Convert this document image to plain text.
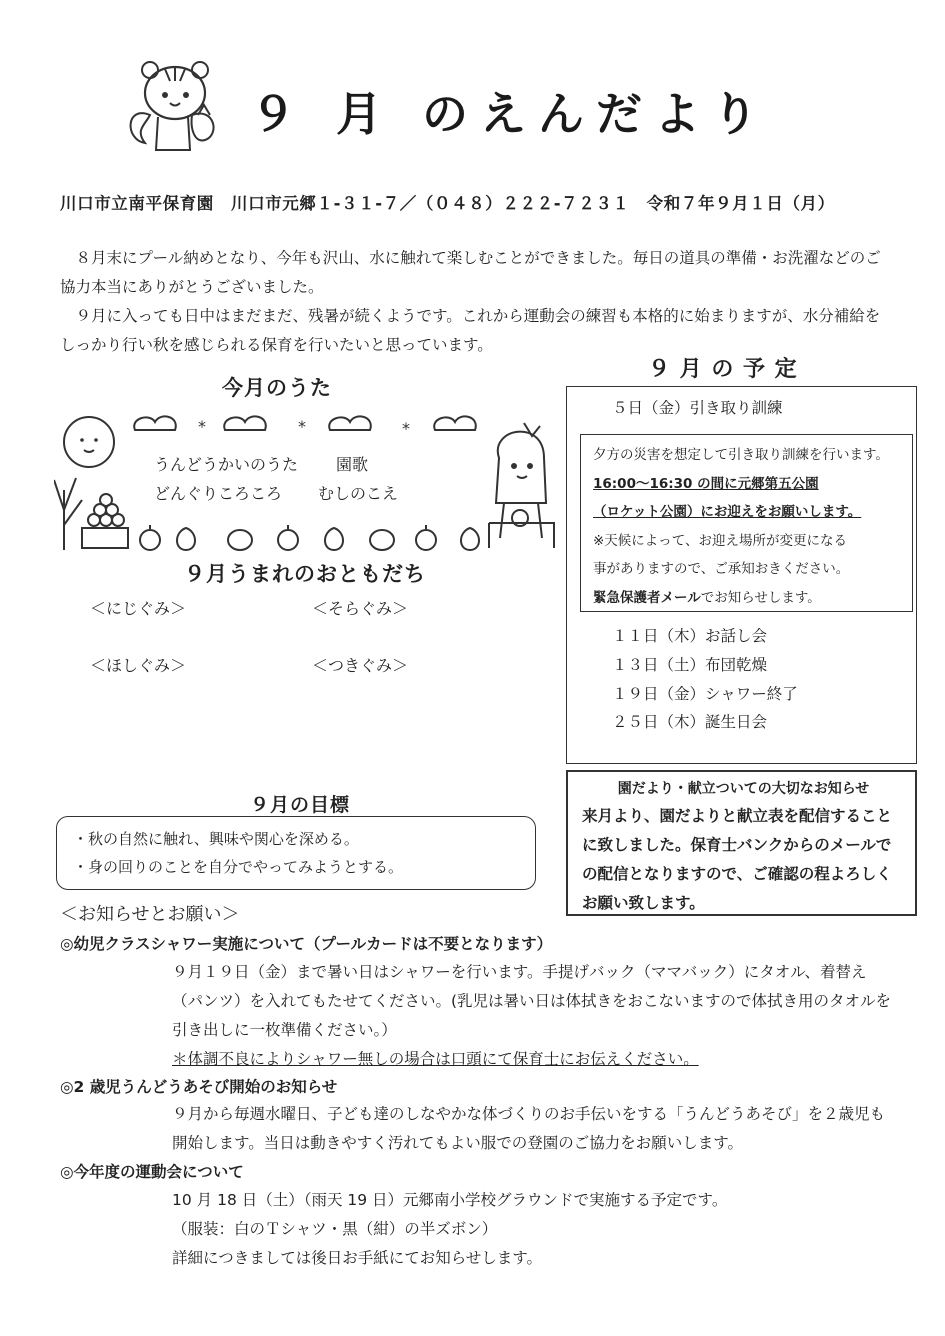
９ 月 のえんだより
川口市立南平保育園　川口市元郷１-３１-７／（０４８）２２２-７２３１　令和７年９月１日（月）

８月末にプール納めとなり、今年も沢山、水に触れて楽しむことができました。毎日の道具の準備・お洗濯などのご協力本当にありがとうございました。

９月に入っても日中はまだまだ、残暑が続くようです。これから運動会の練習も本格的に始まりますが、水分補給をしっかり行い秋を感じられる保育を行いたいと思っています。

今月のうた
*	*	*
うんどうかいのうた 園歌
どんぐりころころ むしのこえ
９月うまれのおともだち
＜にじぐみ＞	＜そらぐみ＞
＜ほしぐみ＞	＜つきぐみ＞
９ 月 の 予 定
５日（金）引き取り訓練
夕方の災害を想定して引き取り訓練を行います。
16:00～16:30 の間に元郷第五公園
（ロケット公園）にお迎えをお願いします。
※天候によって、お迎え場所が変更になる
事がありますので、ご承知おきください。
緊急保護者メールでお知らせします。
１１日（木）お話し会
１３日（土）布団乾燥
１９日（金）シャワー終了
２５日（木）誕生日会
園だより・献立ついての大切なお知らせ
来月より、園だよりと献立表を配信することに致しました。保育士バンクからのメールでの配信となりますので、ご確認の程よろしくお願い致します。
９月の目標
・秋の自然に触れ、興味や関心を深める。
・身の回りのことを自分でやってみようとする。
＜お知らせとお願い＞
◎幼児クラスシャワー実施について（プールカードは不要となります）
９月１９日（金）まで暑い日はシャワーを行います。手提げバック（ママバック）にタオル、着替え（パンツ）を入れてもたせてください。(乳児は暑い日は体拭きをおこないますので体拭き用のタオルを引き出しに一枚準備ください。）
＊体調不良によりシャワー無しの場合は口頭にて保育士にお伝えください。
◎2 歳児うんどうあそび開始のお知らせ
９月から毎週水曜日、子ども達のしなやかな体づくりのお手伝いをする「うんどうあそび」を２歳児も開始します。当日は動きやすく汚れてもよい服での登園のご協力をお願いします。
◎今年度の運動会について
10 月 18 日（土）（雨天 19 日）元郷南小学校グラウンドで実施する予定です。
（服装：白のＴシャツ・黒（紺）の半ズボン）
詳細につきましては後日お手紙にてお知らせします。
